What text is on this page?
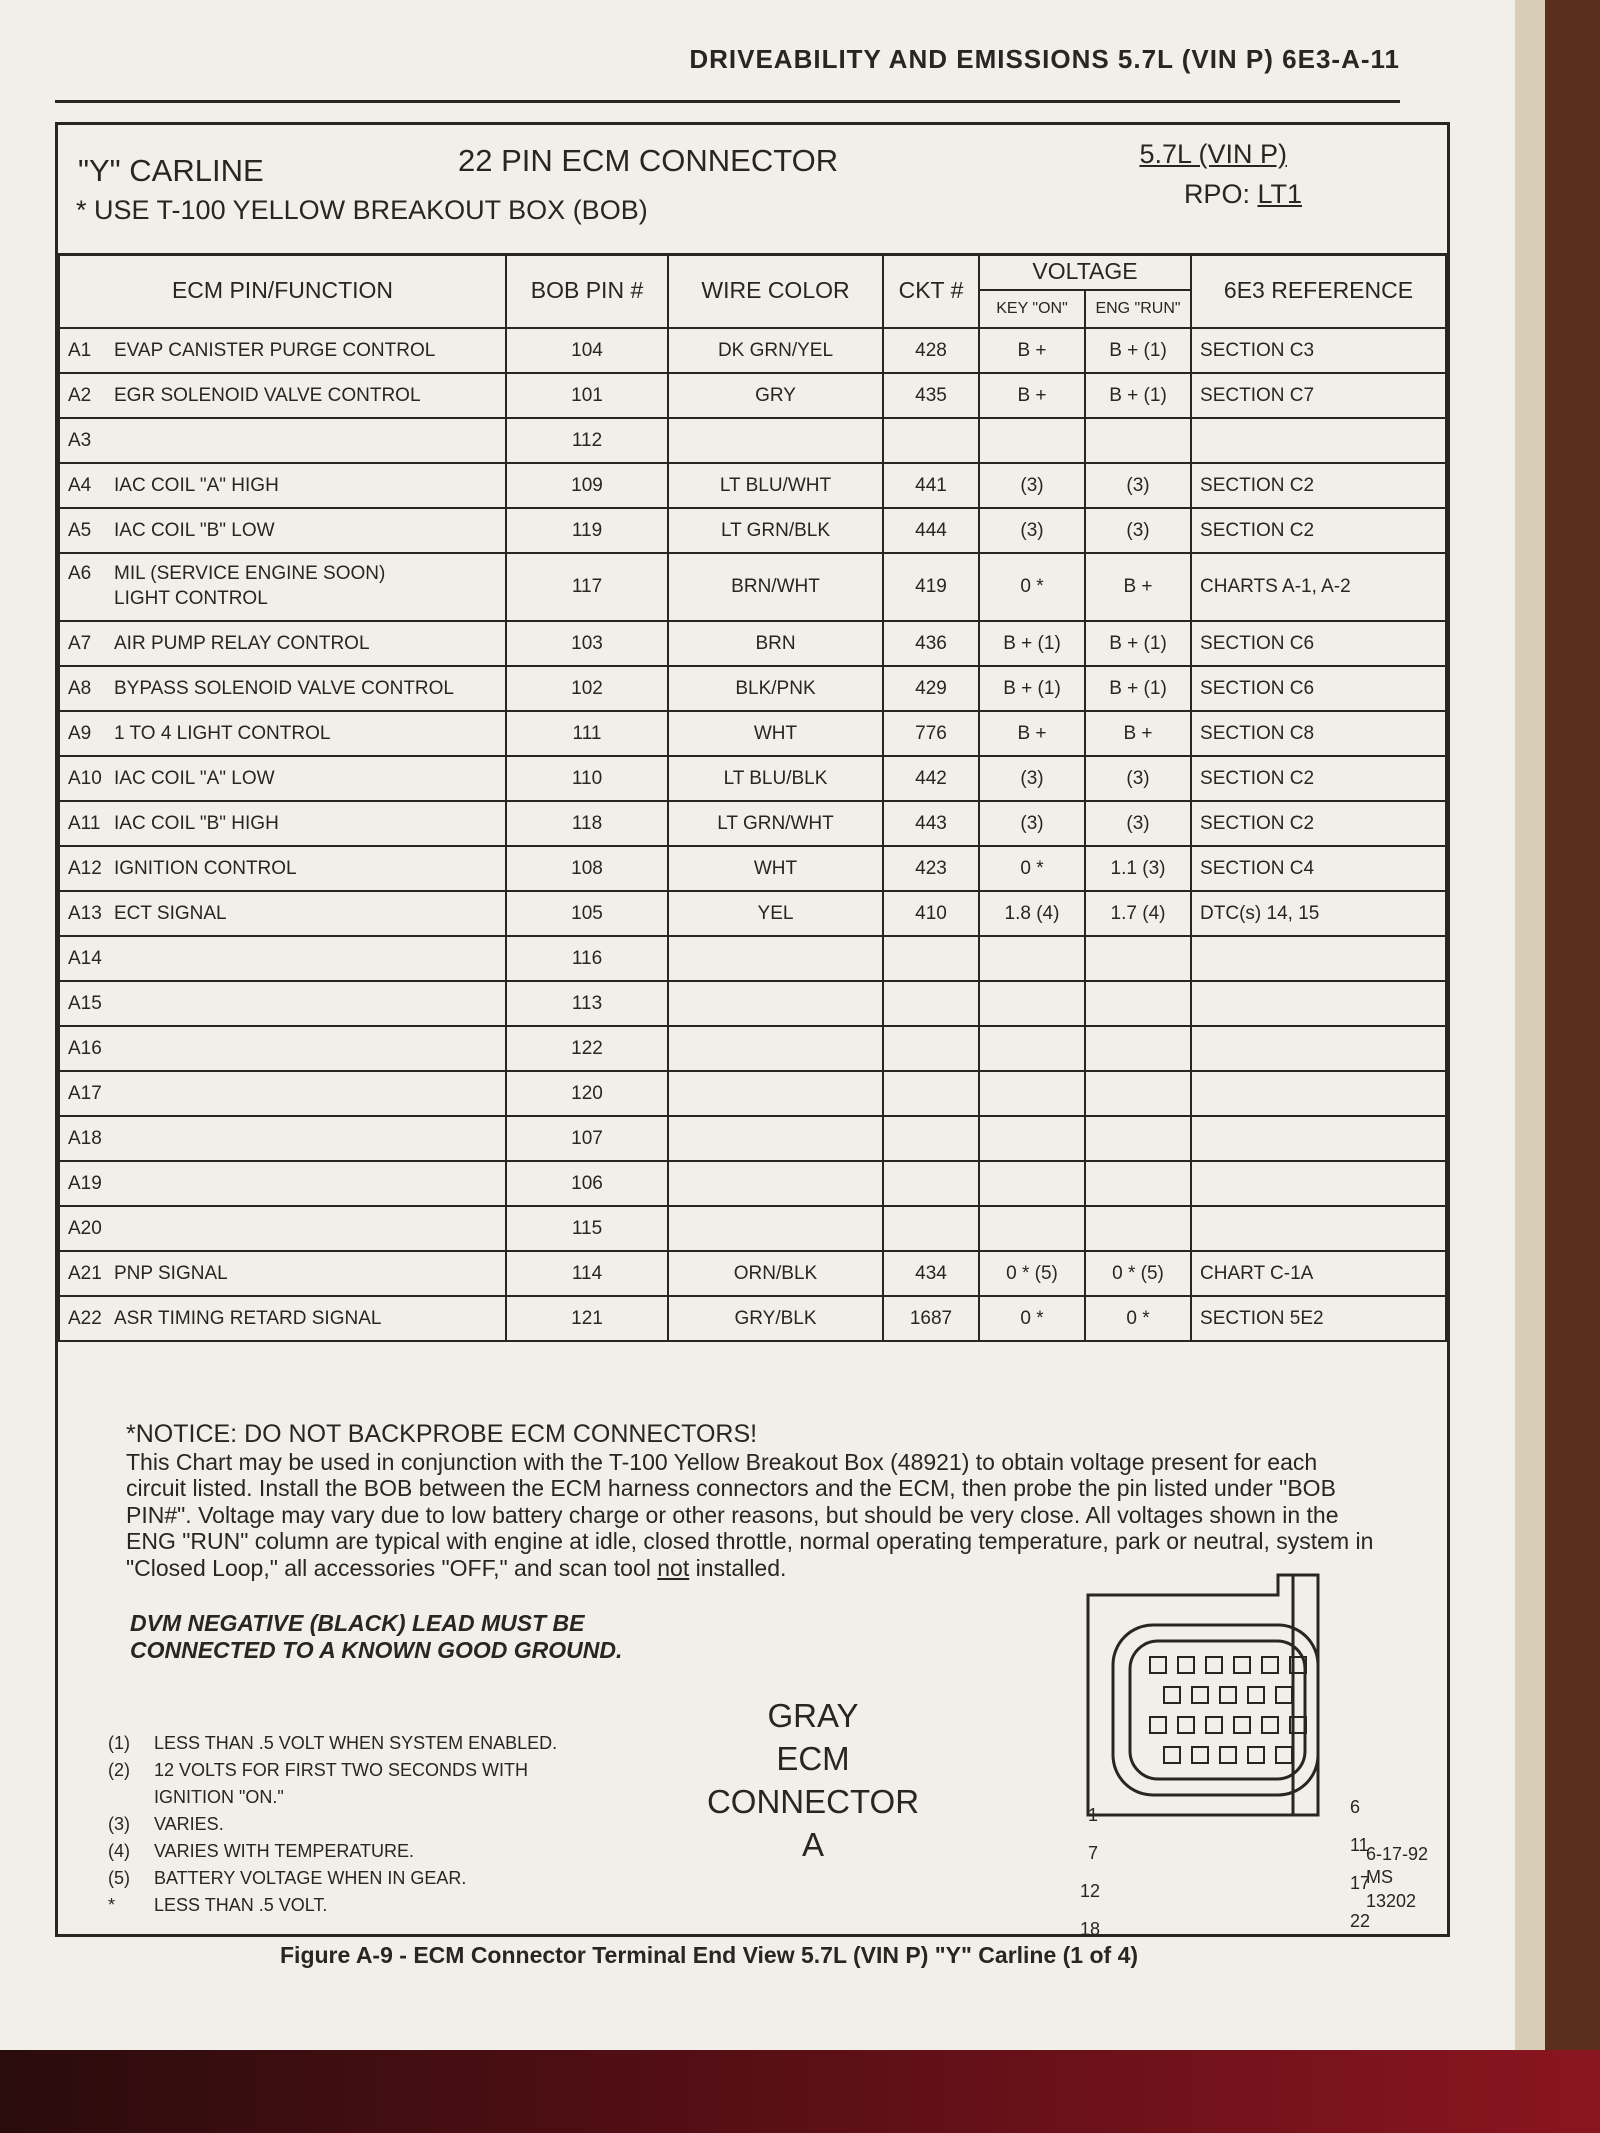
DRIVEABILITY AND EMISSIONS 5.7L (VIN P) 6E3-A-11
"Y" CARLINE	22 PIN ECM CONNECTOR	5.7L (VIN P)
RPO: LT1
* USE T-100 YELLOW BREAKOUT BOX (BOB)
ECM PIN/FUNCTION	BOB PIN #	WIRE COLOR	CKT #	VOLTAGE		6E3 REFERENCE
				KEY "ON"	ENG "RUN"	
A1 EVAP CANISTER PURGE CONTROL	104	DK GRN/YEL	428	B +	B + (1)	SECTION C3
A2 EGR SOLENOID VALVE CONTROL	101	GRY	435	B +	B + (1)	SECTION C7
A3	112					
A4 IAC COIL "A" HIGH	109	LT BLU/WHT	441	(3)	(3)	SECTION C2
A5 IAC COIL "B" LOW	119	LT GRN/BLK	444	(3)	(3)	SECTION C2
A6 MIL (SERVICE ENGINE SOON)
LIGHT CONTROL	117	BRN/WHT	419	0 *	B +	CHARTS A-1, A-2
A7 AIR PUMP RELAY CONTROL	103	BRN	436	B + (1)	B + (1)	SECTION C6
A8 BYPASS SOLENOID VALVE CONTROL	102	BLK/PNK	429	B + (1)	B + (1)	SECTION C6
A9 1 TO 4 LIGHT CONTROL	111	WHT	776	B +	B +	SECTION C8
A10 IAC COIL "A" LOW	110	LT BLU/BLK	442	(3)	(3)	SECTION C2
A11 IAC COIL "B" HIGH	118	LT GRN/WHT	443	(3)	(3)	SECTION C2
A12 IGNITION CONTROL	108	WHT	423	0 *	1.1 (3)	SECTION C4
A13 ECT SIGNAL	105	YEL	410	1.8 (4)	1.7 (4)	DTC(s) 14, 15
A14	116					
A15	113					
A16	122					
A17	120					
A18	107					
A19	106					
A20	115					
A21 PNP SIGNAL	114	ORN/BLK	434	0 * (5)	0 * (5)	CHART C-1A
A22 ASR TIMING RETARD SIGNAL	121	GRY/BLK	1687	0 *	0 *	SECTION 5E2
*NOTICE: DO NOT BACKPROBE ECM CONNECTORS!
This Chart may be used in conjunction with the T-100 Yellow Breakout Box (48921) to obtain voltage present for each circuit listed. Install the BOB between the ECM harness connectors and the ECM, then probe the pin listed under "BOB PIN#". Voltage may vary due to low battery charge or other reasons, but should be very close. All voltages shown in the ENG "RUN" column are typical with engine at idle, closed throttle, normal operating temperature, park or neutral, system in "Closed Loop," all accessories "OFF," and scan tool not installed.
DVM NEGATIVE (BLACK) LEAD MUST BE CONNECTED TO A KNOWN GOOD GROUND.
(1) LESS THAN .5 VOLT WHEN SYSTEM ENABLED.
(2) 12 VOLTS FOR FIRST TWO SECONDS WITH
IGNITION "ON."
(3) VARIES.
(4) VARIES WITH TEMPERATURE.
(5) BATTERY VOLTAGE WHEN IN GEAR.
* LESS THAN .5 VOLT.
GRAY
ECM
CONNECTOR A
1
7
12
18
6
11
17
22
6-17-92
MS 13202
Figure A-9 - ECM Connector Terminal End View 5.7L (VIN P) "Y" Carline (1 of 4)
